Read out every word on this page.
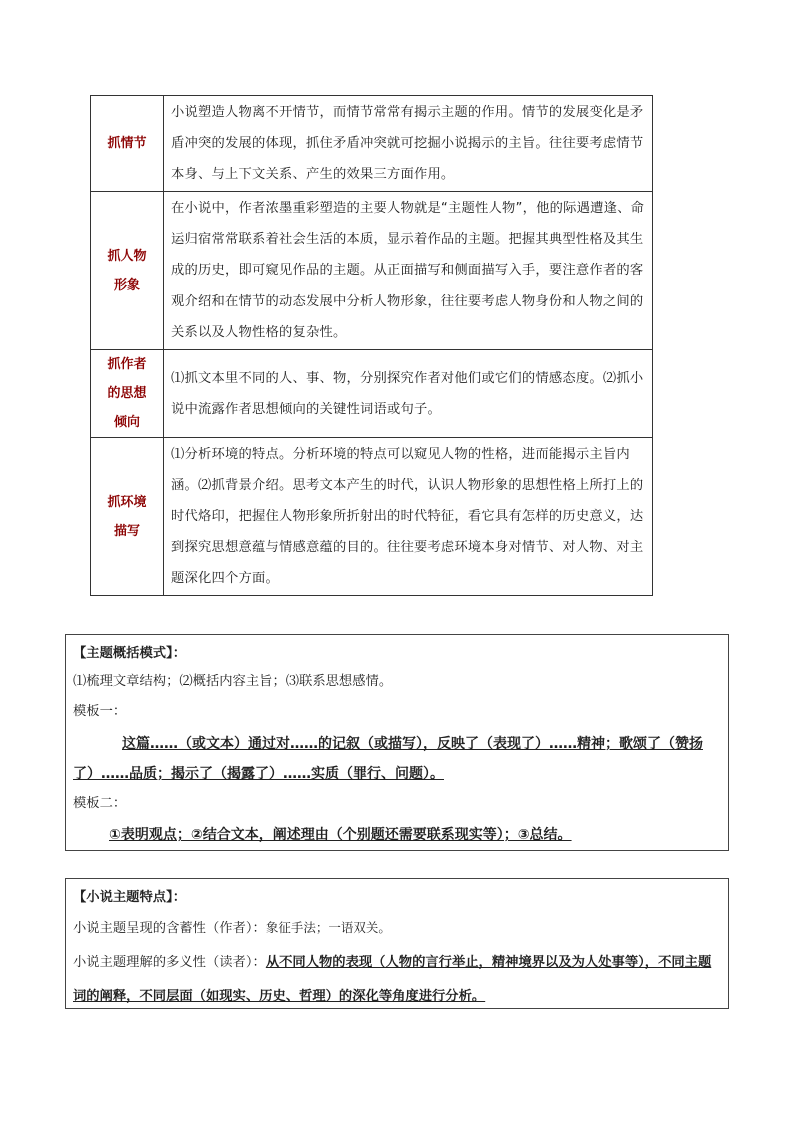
抓情节	小说塑造人物离不开情节，而情节常常有揭示主题的作用。情节的发展变化是矛盾冲突的发展的体现，抓住矛盾冲突就可挖掘小说揭示的主旨。往往要考虑情节本身、与上下文关系、产生的效果三方面作用。

抓人物
形象	在小说中，作者浓墨重彩塑造的主要人物就是“主题性人物”，他的际遇遭逢、命运归宿常常联系着社会生活的本质，显示着作品的主题。把握其典型性格及其生成的历史，即可窥见作品的主题。从正面描写和侧面描写入手，要注意作者的客观介绍和在情节的动态发展中分析人物形象，往往要考虑人物身份和人物之间的关系以及人物性格的复杂性。

抓作者
的思想
倾向	⑴抓文本里不同的人、事、物，分别探究作者对他们或它们的情感态度。⑵抓小说中流露作者思想倾向的关键性词语或句子。

抓环境
描写	⑴分析环境的特点。分析环境的特点可以窥见人物的性格，进而能揭示主旨内涵。⑵抓背景介绍。思考文本产生的时代，认识人物形象的思想性格上所打上的时代烙印，把握住人物形象所折射出的时代特征，看它具有怎样的历史意义，达到探究思想意蕴与情感意蕴的目的。往往要考虑环境本身对情节、对人物、对主题深化四个方面。
【主题概括模式】：
⑴梳理文章结构；⑵概括内容主旨；⑶联系思想感情。
模板一：
这篇……（或文本）通过对……的记叙（或描写），反映了（表现了）……精神；歌颂了（赞扬了）……品质；揭示了（揭露了）……实质（罪行、问题）。
模板二：
①表明观点；②结合文本，阐述理由（个别题还需要联系现实等）；③总结。
【小说主题特点】：
小说主题呈现的含蓄性（作者）：象征手法；一语双关。
小说主题理解的多义性（读者）：从不同人物的表现（人物的言行举止，精神境界以及为人处事等），不同主题词的阐释，不同层面（如现实、历史、哲理）的深化等角度进行分析。
